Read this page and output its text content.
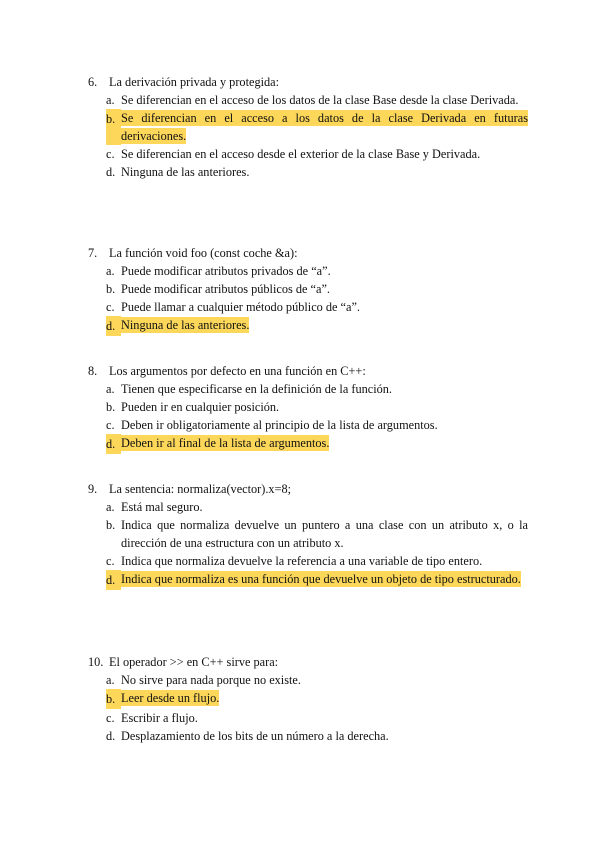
6. La derivación privada y protegida:
a. Se diferencian en el acceso de los datos de la clase Base desde la clase Derivada.
b. Se diferencian en el acceso a los datos de la clase Derivada en futuras derivaciones.
c. Se diferencian en el acceso desde el exterior de la clase Base y Derivada.
d. Ninguna de las anteriores.
7. La función void foo (const coche &a):
a. Puede modificar atributos privados de “a”.
b. Puede modificar atributos públicos de “a”.
c. Puede llamar a cualquier método público de “a”.
d. Ninguna de las anteriores.
8. Los argumentos por defecto en una función en C++:
a. Tienen que especificarse en la definición de la función.
b. Pueden ir en cualquier posición.
c. Deben ir obligatoriamente al principio de la lista de argumentos.
d. Deben ir al final de la lista de argumentos.
9. La sentencia: normaliza(vector).x=8;
a. Está mal seguro.
b. Indica que normaliza devuelve un puntero a una clase con un atributo x, o la dirección de una estructura con un atributo x.
c. Indica que normaliza devuelve la referencia a una variable de tipo entero.
d. Indica que normaliza es una función que devuelve un objeto de tipo estructurado.
10. El operador >> en C++ sirve para:
a. No sirve para nada porque no existe.
b. Leer desde un flujo.
c. Escribir a flujo.
d. Desplazamiento de los bits de un número a la derecha.
